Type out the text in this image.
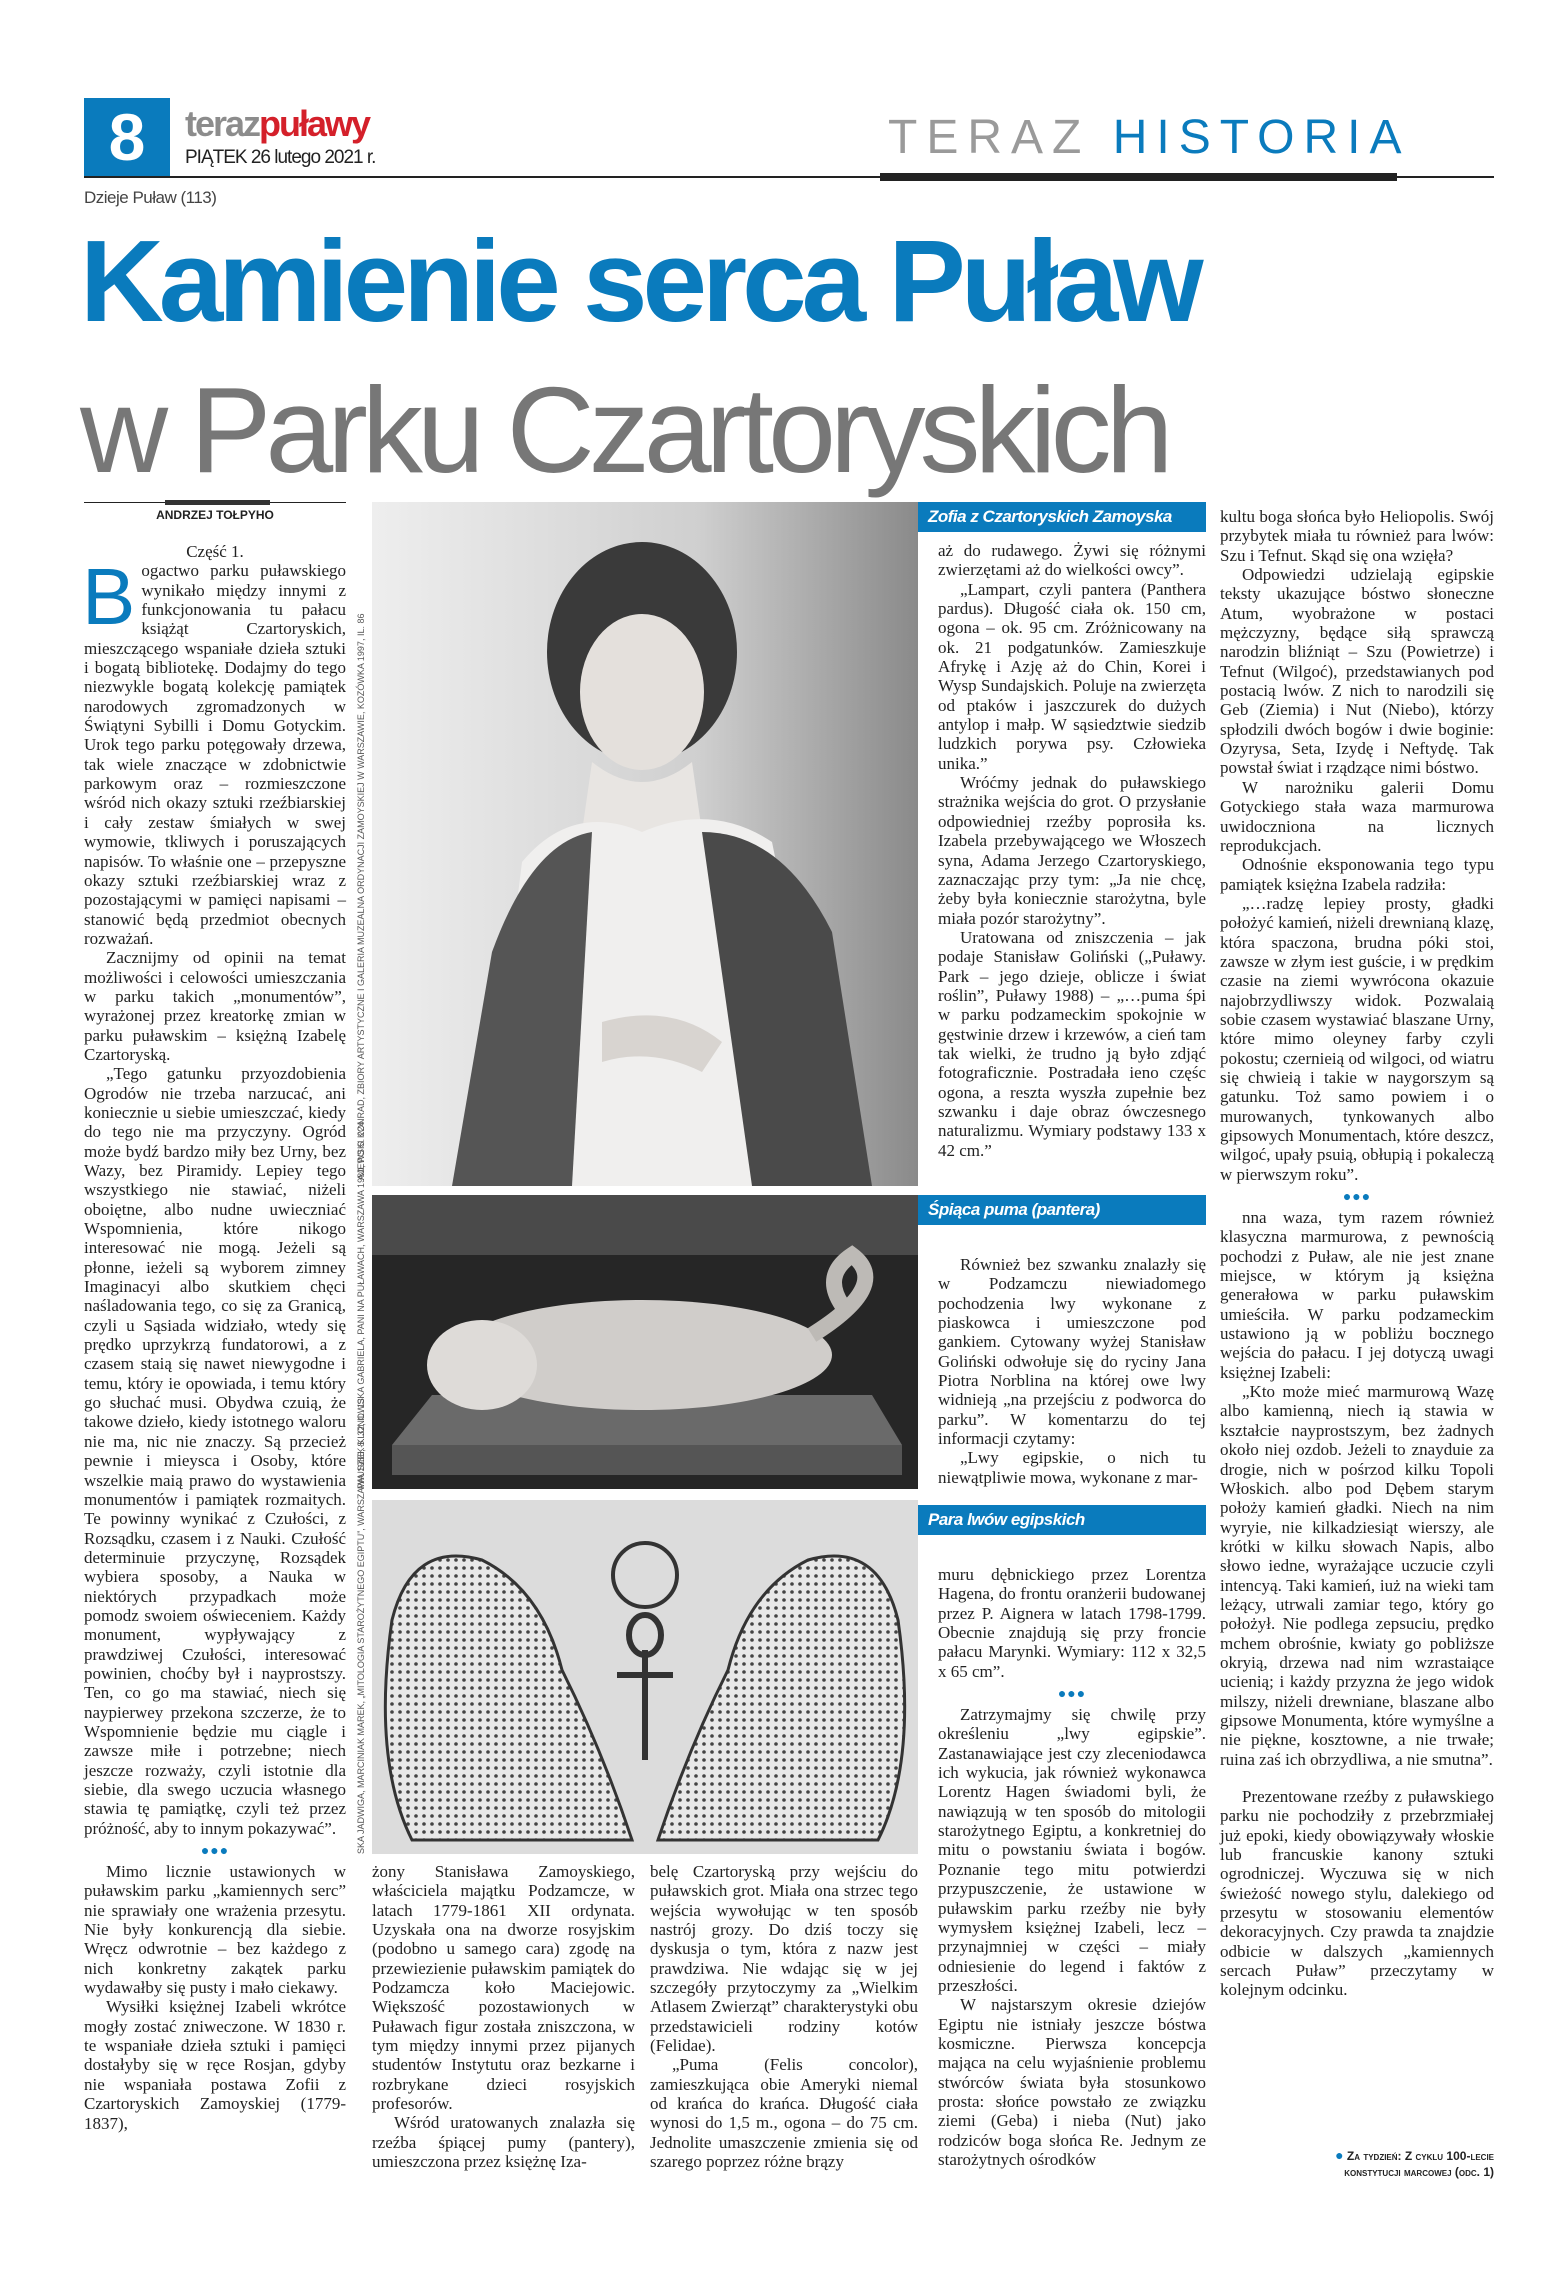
8	terazpuławy
PIĄTEK 26 lutego 2021 r.	TERAZ HISTORIA
Dzieje Puław (113)
Kamienie serca Puław
w Parku Czartoryskich
ANDRZEJ TOŁPYHO

Część 1.

Bogactwo parku puławskiego wynikało między innymi z funkcjonowania tu pałacu książąt Czartoryskich, mieszczącego wspaniałe dzieła sztuki i bogatą bibliotekę. Dodajmy do tego niezwykle bogatą kolekcję pamiątek narodowych zgromadzonych w Świątyni Sybilli i Domu Gotyckim. Urok tego parku potęgowały drzewa, tak wiele znaczące w zdobnictwie parkowym oraz – rozmieszczone wśród nich okazy sztuki rzeźbiarskiej i cały zestaw śmiałych w swej wymowie, tkliwych i poruszających napisów. To właśnie one – przepyszne okazy sztuki rzeźbiarskiej wraz z pozostającymi w pamięci napisami – stanowić będą przedmiot obecnych rozważań.

Zacznijmy od opinii na temat możliwości i celowości umieszczania w parku takich „monumentów”, wyrażonej przez kreatorkę zmian w parku puławskim – księżną Izabelę Czartoryską.

„Tego gatunku przyozdobienia Ogrodów nie trzeba narzucać, ani koniecznie u siebie umieszczać, kiedy do tego nie ma przyczyny. Ogród może bydź bardzo miły bez Urny, bez Wazy, bez Piramidy. Lepiey tego wszystkiego nie stawiać, niżeli oboiętne, albo nudne uwieczniać Wspomnienia, które nikogo interesować nie mogą. Jeżeli są płonne, ieżeli są wyborem zimney Imaginacyi albo skutkiem chęci naśladowania tego, co się za Granicą, czyli u Sąsiada widziało, wtedy się prędko uprzykrzą fundatorowi, a z czasem staią się nawet niewygodne i temu, który ie opowiada, i temu który go słuchać musi. Obydwa czuią, że takowe dzieło, kiedy istotnego waloru nie ma, nic nie znaczy. Są przecież pewnie i mieysca i Osoby, które wszelkie maią prawo do wystawienia monumentów i pamiątek rozmaitych. Te powinny wynikać z Czułości, z Rozsądku, czasem i z Nauki. Czułość determinuie przyczynę, Rozsądek wybiera sposoby, a Nauka w niektórych przypadkach może pomodz swoiem oświeceniem. Każdy monument, wypływający z prawdziwej Czułości, interesować powinien, choćby był i nayprostszy. Ten, co go ma stawiać, niech się naypierwey przekona szczerze, że to Wspomnienie będzie mu ciągle i zawsze miłe i potrzebne; niech jeszcze rozważy, czyli istotnie dla siebie, dla swego uczucia własnego stawia tę pamiątkę, czyli też przez próżność, aby to innym pokazywać”.

●●●

Mimo licznie ustawionych w puławskim parku „kamiennych serc” nie sprawiały one wrażenia przesytu. Nie były konkurencją dla siebie. Wręcz odwrotnie – bez każdego z nich konkretny zakątek parku wydawałby się pusty i mało ciekawy.

Wysiłki księżnej Izabeli wkrótce mogły zostać zniweczone. W 1830 r. te wspaniałe dzieła sztuki i pamięci dostałyby się w ręce Rosjan, gdyby nie wspaniała postawa Zofii z Czartoryskich Zamoyskiej (1779-1837),

AJEWSKI KONRAD, ZBIORY ARTYSTYCZNE I GALERIA MUZEALNA ORDYNACJI ZAMOYSKIEJ W WARSZAWIE, KOZÓWKA 1997, IL. 86
Zofia z Czartoryskich Zamoyska

aż do rudawego. Żywi się różnymi zwierzętami aż do wielkości owcy”.

„Lampart, czyli pantera (Panthera pardus). Długość ciała ok. 150 cm, ogona – ok. 95 cm. Zróżnicowany na ok. 21 podgatunków. Zamieszkuje Afrykę i Azję aż do Chin, Korei i Wysp Sundajskich. Poluje na zwierzęta od ptaków i jaszczurek do dużych antylop i małp. W sąsiedztwie siedzib ludzkich porywa psy. Człowieka unika.”

Wróćmy jednak do puławskiego strażnika wejścia do grot. O przysłanie odpowiedniej rzeźby poprosiła ks. Izabela przebywającego we Włoszech syna, Adama Jerzego Czartoryskiego, zaznaczając przy tym: „Ja nie chcę, żeby była koniecznie starożytna, byle miała pozór starożytny”.

Uratowana od zniszczenia – jak podaje Stanisław Goliński („Puławy. Park – jego dzieje, oblicze i świat roślin”, Puławy 1988) – „…puma śpi w parku podzameckim spokojnie w gęstwinie drzew i krzewów, a cień tam tak wielki, że trudno ją było zdjąć fotograficznie. Postradała ieno częśc ogona, a reszta wyszła zupełnie bez szwanku i daje obraz ówczesnego naturalizmu. Wymiary podstawy 133 x 42 cm.”

PAUSZEK-KLONOWSKA GABRIELA, PANI NA PUŁAWACH, WARSZAWA 1980, PO S. 224	Śpiąca puma (pantera)

Również bez szwanku znalazły się w Podzamczu niewiadomego pochodzenia lwy wykonane z piaskowca i umieszczone pod gankiem. Cytowany wyżej Stanisław Goliński odwołuje się do ryciny Jana Piotra Norblina na której owe lwy widnieją „na przejściu z podworca do parku”. W komentarzu do tej informacji czytamy:

„Lwy egipskie, o nich tu niewątpliwie mowa, wykonane z mar-

SKA JADWIGA, MARCINIAK MAREK, „MITOLOGIA STAROŻYTNEGO EGIPTU”, WARSZAWA 1986, S. 32, IL. 13	Para lwów egipskich

muru dębnickiego przez Lorentza Hagena, do frontu oranżerii budowanej przez P. Aignera w latach 1798-1799. Obecnie znajdują się przy froncie pałacu Marynki. Wymiary: 112 x 32,5 x 65 cm”.

●●●

Zatrzymajmy się chwilę przy określeniu „lwy egipskie”. Zastanawiające jest czy zleceniodawca ich wykucia, jak również wykonawca Lorentz Hagen świadomi byli, że nawiązują w ten sposób do mitologii starożytnego Egiptu, a konkretniej do mitu o powstaniu świata i bogów. Poznanie tego mitu potwierdzi przypuszczenie, że ustawione w puławskim parku rzeźby nie były wymysłem księżnej Izabeli, lecz – przynajmniej w części – miały odniesienie do legend i faktów z przeszłości.

W najstarszym okresie dziejów Egiptu nie istniały jeszcze bóstwa kosmiczne. Pierwsza koncepcja mająca na celu wyjaśnienie problemu stwórców świata była stosunkowo prosta: słońce powstało ze związku ziemi (Geba) i nieba (Nut) jako rodziców boga słońca Re. Jednym ze starożytnych ośrodków

żony Stanisława Zamoyskiego, właściciela majątku Podzamcze, w latach 1779-1861 XII ordynata. Uzyskała ona na dworze rosyjskim (podobno u samego cara) zgodę na przewiezienie puławskim pamiątek do Podzamcza koło Maciejowic. Większość pozostawionych w Puławach figur została zniszczona, w tym między innymi przez pijanych studentów Instytutu oraz bezkarne i rozbrykane dzieci rosyjskich profesorów.

Wśród uratowanych znalazła się rzeźba śpiącej pumy (pantery), umieszczona przez księżnę Iza-

belę Czartoryską przy wejściu do puławskich grot. Miała ona strzec tego wejścia wywołując w ten sposób nastrój grozy. Do dziś toczy się dyskusja o tym, która z nazw jest prawdziwa. Nie wdając się w jej szczegóły przytoczymy za „Wielkim Atlasem Zwierząt” charakterystyki obu przedstawicieli rodziny kotów (Felidae).

„Puma (Felis concolor), zamieszkująca obie Ameryki niemal od krańca do krańca. Długość ciała wynosi do 1,5 m., ogona – do 75 cm. Jednolite umaszczenie zmienia się od szarego poprzez różne brązy

kultu boga słońca było Heliopolis. Swój przybytek miała tu również para lwów: Szu i Tefnut. Skąd się ona wzięła?

Odpowiedzi udzielają egipskie teksty ukazujące bóstwo słoneczne Atum, wyobrażone w postaci mężczyzny, będące siłą sprawczą narodzin bliźniąt – Szu (Powietrze) i Tefnut (Wilgoć), przedstawianych pod postacią lwów. Z nich to narodzili się Geb (Ziemia) i Nut (Niebo), którzy spłodzili dwóch bogów i dwie boginie: Ozyrysa, Seta, Izydę i Neftydę. Tak powstał świat i rządzące nimi bóstwo.

W narożniku galerii Domu Gotyckiego stała waza marmurowa uwidoczniona na licznych reprodukcjach.

Odnośnie eksponowania tego typu pamiątek księżna Izabela radziła:

„…radzę lepiey prosty, gładki położyć kamień, niżeli drewnianą klazę, która spaczona, brudna póki stoi, zawsze w złym iest guście, i w prędkim czasie na ziemi wywrócona okazuie najobrzydliwszy widok. Pozwalaią sobie czasem wystawiać blaszane Urny, które mimo oleyney farby czyli pokostu; czernieią od wilgoci, od wiatru się chwieią i takie w naygorszym są gatunku. Toż samo powiem i o murowanych, tynkowanych albo gipsowych Monumentach, które deszcz, wilgoć, upały psuią, obłupią i pokaleczą w pierwszym roku”.

●●●

nna waza, tym razem również klasyczna marmurowa, z pewnością pochodzi z Puław, ale nie jest znane miejsce, w którym ją księżna generałowa w parku puławskim umieściła. W parku podzameckim ustawiono ją w pobliżu bocznego wejścia do pałacu. I jej dotyczą uwagi księżnej Izabeli:

„Kto może mieć marmurową Wazę albo kamienną, niech ią stawia w kształcie nayprostszym, bez żadnych około niej ozdob. Jeżeli to znayduie za drogie, nich w pośrzod kilku Topoli Włoskich. albo pod Dębem starym położy kamień gładki. Niech na nim wyryie, nie kilkadziesiąt wierszy, ale krótki w kilku słowach Napis, albo słowo iedne, wyrażające uczucie czyli intencyą. Taki kamień, iuż na wieki tam leżący, utrwali zamiar tego, który go położył. Nie podlega zepsuciu, prędko mchem obrośnie, kwiaty go pobliższe okryią, drzewa nad nim wzrastaiące ucienią; i każdy przyzna że jego widok milszy, niżeli drewniane, blaszane albo gipsowe Monumenta, które wymyślne a nie piękne, kosztowne, a nie trwałe; ruina zaś ich obrzydliwa, a nie smutna”.

Prezentowane rzeźby z puławskiego parku nie pochodziły z przebrzmiałej już epoki, kiedy obowiązywały włoskie lub francuskie kanony sztuki ogrodniczej. Wyczuwa się w nich świeżość nowego stylu, dalekiego od przesytu w stosowaniu elementów dekoracyjnych. Czy prawda ta znajdzie odbicie w dalszych „kamiennych sercach Puław” przeczytamy w kolejnym odcinku.

● Za tydzień: Z cyklu 100-lecie
konstytucji marcowej (odc. 1)
